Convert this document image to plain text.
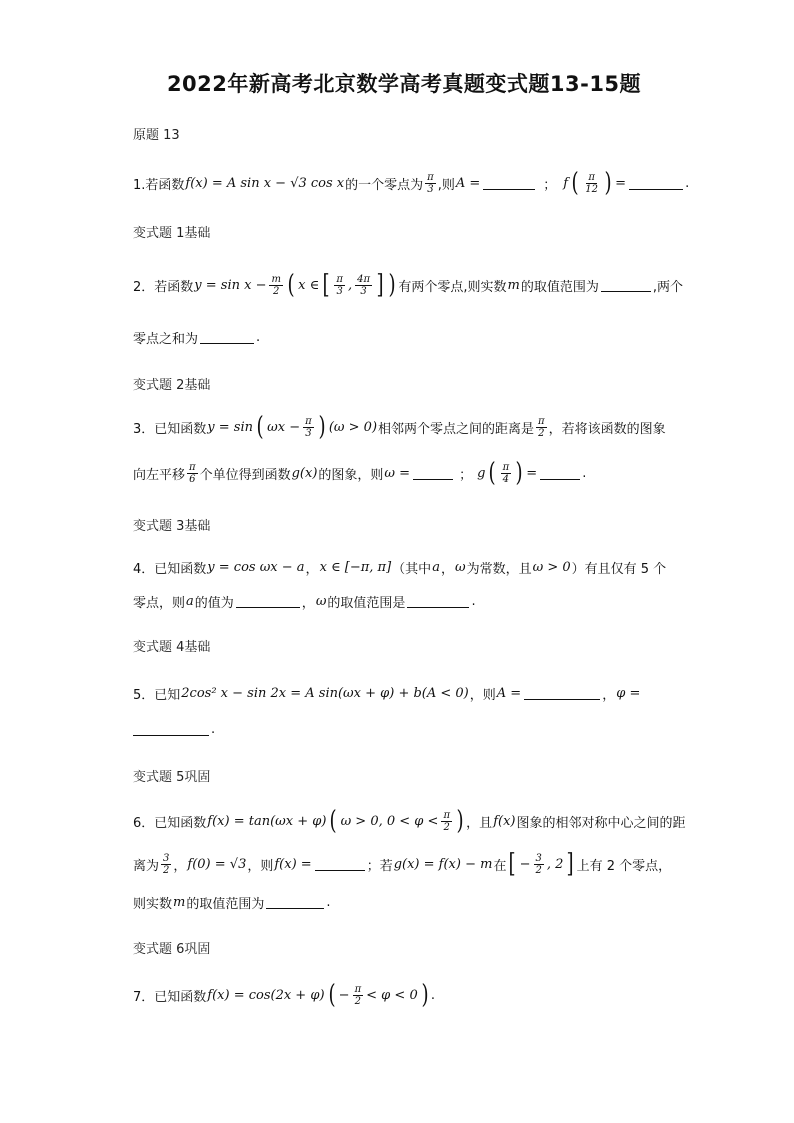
2022年新高考北京数学高考真题变式题13-15题
原题 13
1.若函数 f(x) = A sin x − √3 cos x 的一个零点为 $\frac{\pi}{3}$ ,则 A =	； f ( $\frac{\pi}{12}$ ) =	.
变式题 1基础
2．若函数 $y = \sin x - \frac{m}{2}$ ( x ∈ [ $\frac{\pi}{3}$ , $\frac{4\pi}{3}$ ] ) 有两个零点,则实数 m 的取值范围为	,两个
零点之和为	.
变式题 2基础
3．已知函数 y = sin ( $\omega x - \frac{\pi}{3}$ ) (ω > 0) 相邻两个零点之间的距离是 $\frac{\pi}{2}$ ，若将该函数的图象
向左平移 $\frac{\pi}{6}$ 个单位得到函数 g(x) 的图象，则 ω =	； g ( $\frac{\pi}{4}$ ) =	.
变式题 3基础
4．已知函数 y = cos ωx − a ， x ∈ [−π, π] （其中 a ， ω 为常数，且 ω > 0 ）有且仅有 5 个
零点，则 a 的值为	， ω 的取值范围是	.
变式题 4基础
5．已知 2cos² x − sin 2x = A sin(ωx + φ) + b(A < 0) ，则 A =	， φ =
.
变式题 5巩固
6．已知函数 f(x) = tan(ωx + φ) ( ω > 0, $0 < \varphi < \frac{\pi}{2}$ ) ，且 f(x) 图象的相邻对称中心之间的距
离为 $\frac{3}{2}$ ， f(0) = √3 ，则 f(x) =	；若 g(x) = f(x) − m 在 [ − $\frac{3}{2}$ , 2 ] 上有 2 个零点，
则实数 m 的取值范围为	.
变式题 6巩固
7．已知函数 f(x) = cos(2x + φ) ( − $\frac{\pi}{2} < \varphi < 0$ ) .
